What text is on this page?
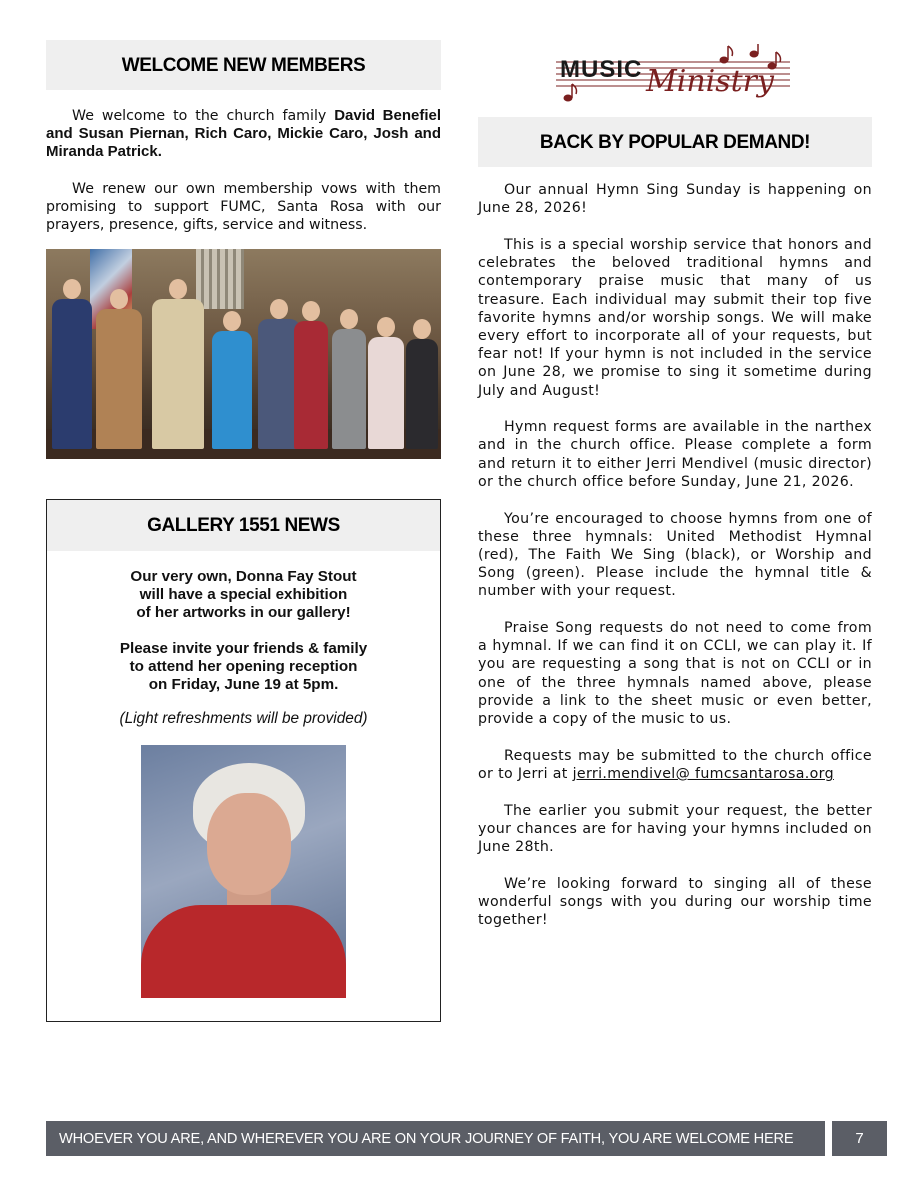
WELCOME NEW MEMBERS

We welcome to the church family David Benefiel and Susan Piernan, Rich Caro, Mickie Caro, Josh and Miranda Patrick.

We renew our own membership vows with them promising to support FUMC, Santa Rosa with our prayers, presence, gifts, service and witness.

GALLERY 1551 NEWS
Our very own, Donna Fay Stout
will have a special exhibition
of her artworks in our gallery!
Please invite your friends & family
to attend her opening reception
on Friday, June 19 at 5pm.
(Light refreshments will be provided)
MUSIC Ministry
BACK BY POPULAR DEMAND!

Our annual Hymn Sing Sunday is happening on June 28, 2026!

This is a special worship service that honors and celebrates the beloved traditional hymns and contemporary praise music that many of us treasure. Each individual may submit their top five favorite hymns and/or worship songs. We will make every effort to incorporate all of your requests, but fear not! If your hymn is not included in the service on June 28, we promise to sing it sometime during July and August!

Hymn request forms are available in the narthex and in the church office. Please complete a form and return it to either Jerri Mendivel (music director) or the church office before Sunday, June 21, 2026.

You’re encouraged to choose hymns from one of these three hymnals: United Methodist Hymnal (red), The Faith We Sing (black), or Worship and Song (green). Please include the hymnal title & number with your request.

Praise Song requests do not need to come from a hymnal. If we can find it on CCLI, we can play it. If you are requesting a song that is not on CCLI or in one of the three hymnals named above, please provide a link to the sheet music or even better, provide a copy of the music to us.

Requests may be submitted to the church office or to Jerri at jerri.mendivel@ fumcsantarosa.org

The earlier you submit your request, the better your chances are for having your hymns included on June 28th.

We’re looking forward to singing all of these wonderful songs with you during our worship time together!

WHOEVER YOU ARE, AND WHEREVER YOU ARE ON YOUR JOURNEY OF FAITH, YOU ARE WELCOME HERE	7
